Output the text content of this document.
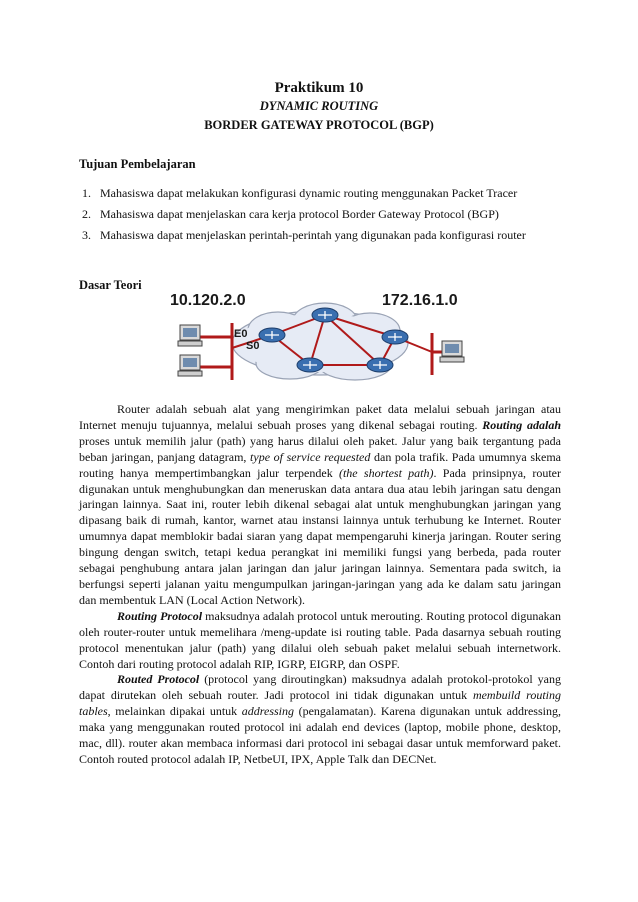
Praktikum 10
DYNAMIC ROUTING
BORDER GATEWAY PROTOCOL (BGP)
Tujuan Pembelajaran
1. Mahasiswa dapat melakukan konfigurasi dynamic routing menggunakan Packet Tracer
2. Mahasiswa dapat menjelaskan cara kerja protocol Border Gateway Protocol (BGP)
3. Mahasiswa dapat menjelaskan perintah-perintah yang digunakan pada konfigurasi router
Dasar Teori
10.120.2.0	172.16.1.0
E0
S0

Router adalah sebuah alat yang mengirimkan paket data melalui sebuah jaringan atau Internet menuju tujuannya, melalui sebuah proses yang dikenal sebagai routing. Routing adalah proses untuk memilih jalur (path) yang harus dilalui oleh paket. Jalur yang baik tergantung pada beban jaringan, panjang datagram, type of service requested dan pola trafik. Pada umumnya skema routing hanya mempertimbangkan jalur terpendek (the shortest path). Pada prinsipnya, router digunakan untuk menghubungkan dan meneruskan data antara dua atau lebih jaringan satu dengan jaringan lainnya. Saat ini, router lebih dikenal sebagai alat untuk menghubungkan jaringan yang dipasang baik di rumah, kantor, warnet atau instansi lainnya untuk terhubung ke Internet. Router umumnya dapat memblokir badai siaran yang dapat mempengaruhi kinerja jaringan. Router sering bingung dengan switch, tetapi kedua perangkat ini memiliki fungsi yang berbeda, pada router sebagai penghubung antara jalan jaringan dan jalur jaringan lainnya. Sementara pada switch, ia berfungsi seperti jalanan yaitu mengumpulkan jaringan-jaringan yang ada ke dalam satu jaringan dan membentuk LAN (Local Action Network).

Routing Protocol maksudnya adalah protocol untuk merouting. Routing protocol digunakan oleh router-router untuk memelihara /meng-update isi routing table. Pada dasarnya sebuah routing protocol menentukan jalur (path) yang dilalui oleh sebuah paket melalui sebuah internetwork. Contoh dari routing protocol adalah RIP, IGRP, EIGRP, dan OSPF.

Routed Protocol (protocol yang diroutingkan) maksudnya adalah protokol-protokol yang dapat dirutekan oleh sebuah router. Jadi protocol ini tidak digunakan untuk membuild routing tables, melainkan dipakai untuk addressing (pengalamatan). Karena digunakan untuk addressing, maka yang menggunakan routed protocol ini adalah end devices (laptop, mobile phone, desktop, mac, dll). router akan membaca informasi dari protocol ini sebagai dasar untuk memforward paket. Contoh routed protocol adalah IP, NetbeUI, IPX, Apple Talk dan DECNet.
